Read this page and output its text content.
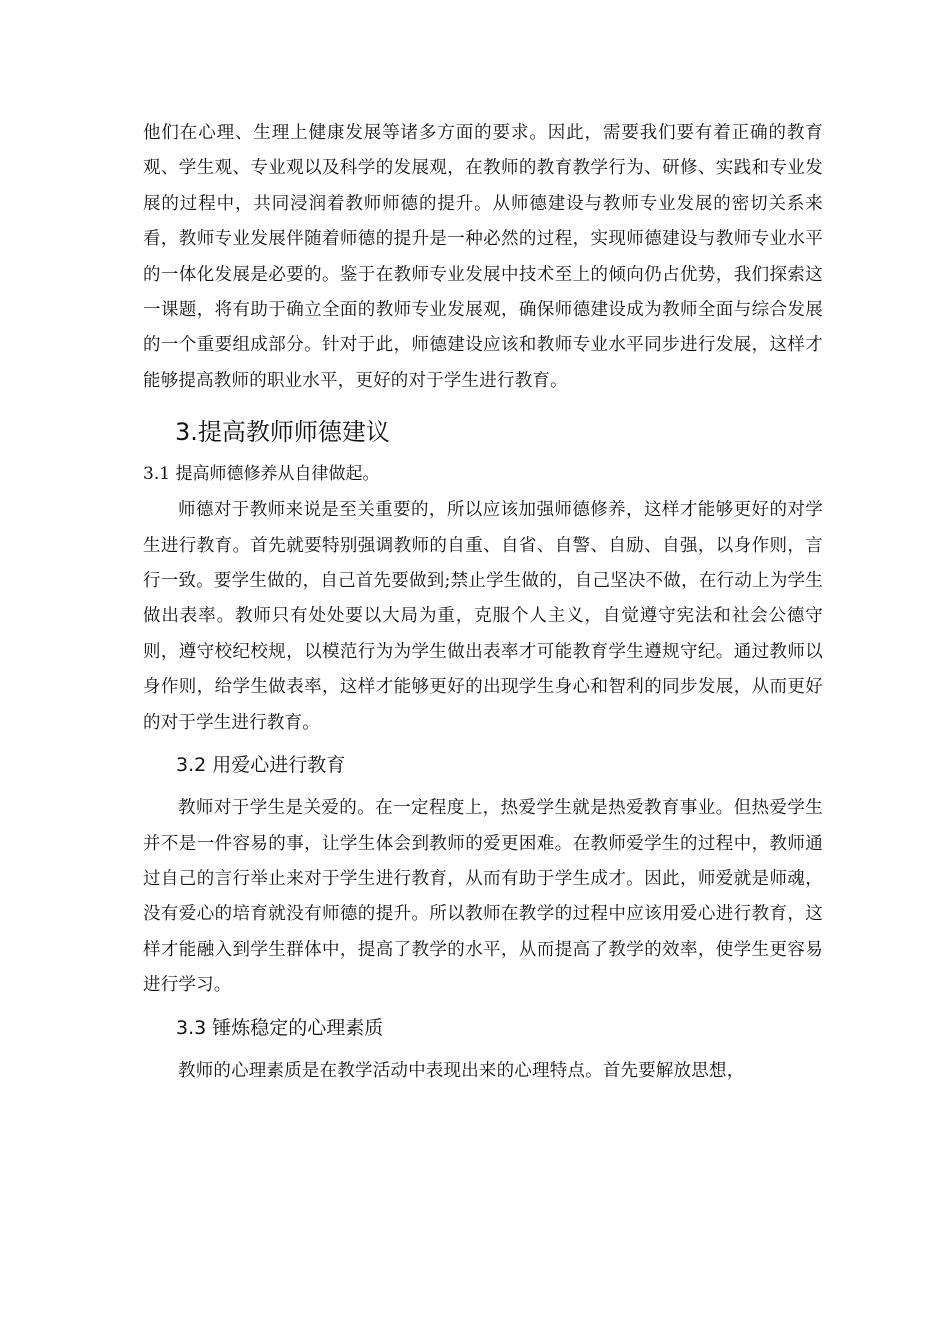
他们在心理、生理上健康发展等诸多方面的要求。因此，需要我们要有着正确的教育观、学生观、专业观以及科学的发展观，在教师的教育教学行为、研修、实践和专业发展的过程中，共同浸润着教师师德的提升。从师德建设与教师专业发展的密切关系来看，教师专业发展伴随着师德的提升是一种必然的过程，实现师德建设与教师专业水平的一体化发展是必要的。鉴于在教师专业发展中技术至上的倾向仍占优势，我们探索这一课题，将有助于确立全面的教师专业发展观，确保师德建设成为教师全面与综合发展的一个重要组成部分。针对于此，师德建设应该和教师专业水平同步进行发展，这样才能够提高教师的职业水平，更好的对于学生进行教育。

3.提高教师师德建议
3.1 提高师德修养从自律做起。

师德对于教师来说是至关重要的，所以应该加强师德修养，这样才能够更好的对学生进行教育。首先就要特别强调教师的自重、自省、自警、自励、自强，以身作则，言行一致。要学生做的，自己首先要做到;禁止学生做的，自己坚决不做，在行动上为学生做出表率。教师只有处处要以大局为重，克服个人主义，自觉遵守宪法和社会公德守则，遵守校纪校规，以模范行为为学生做出表率才可能教育学生遵规守纪。通过教师以身作则，给学生做表率，这样才能够更好的出现学生身心和智利的同步发展，从而更好的对于学生进行教育。

3.2 用爱心进行教育

教师对于学生是关爱的。在一定程度上，热爱学生就是热爱教育事业。但热爱学生并不是一件容易的事，让学生体会到教师的爱更困难。在教师爱学生的过程中，教师通过自己的言行举止来对于学生进行教育，从而有助于学生成才。因此，师爱就是师魂，没有爱心的培育就没有师德的提升。所以教师在教学的过程中应该用爱心进行教育，这样才能融入到学生群体中，提高了教学的水平，从而提高了教学的效率，使学生更容易进行学习。

3.3 锤炼稳定的心理素质

教师的心理素质是在教学活动中表现出来的心理特点。首先要解放思想，
